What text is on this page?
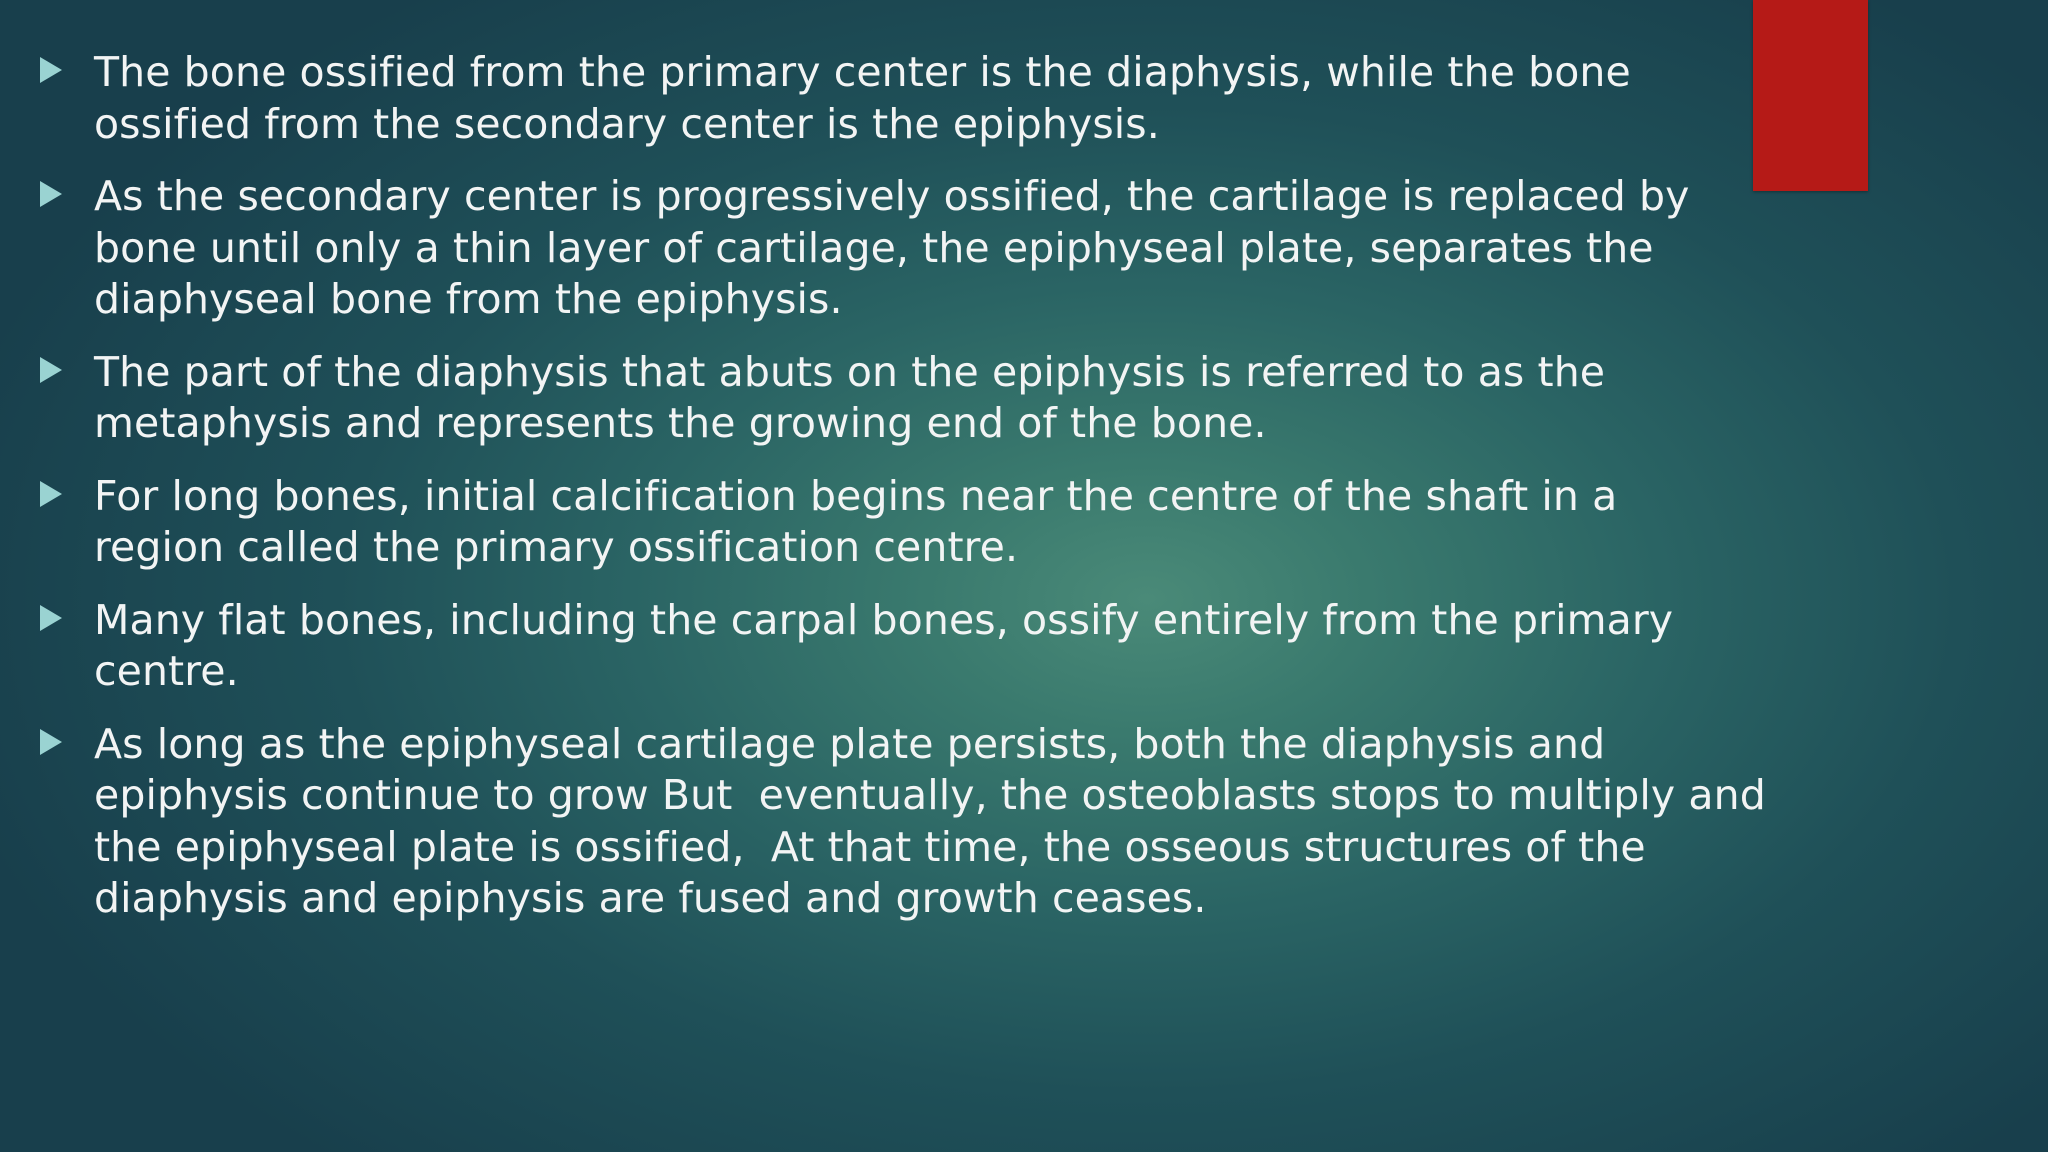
The bone ossified from the primary center is the diaphysis, while the bone
ossified from the secondary center is the epiphysis.
As the secondary center is progressively ossified, the cartilage is replaced by
bone until only a thin layer of cartilage, the epiphyseal plate, separates the
diaphyseal bone from the epiphysis.
The part of the diaphysis that abuts on the epiphysis is referred to as the
metaphysis and represents the growing end of the bone.
For long bones, initial calcification begins near the centre of the shaft in a
region called the primary ossification centre.
Many flat bones, including the carpal bones, ossify entirely from the primary
centre.
As long as the epiphyseal cartilage plate persists, both the diaphysis and
epiphysis continue to grow But  eventually, the osteoblasts stops to multiply and
the epiphyseal plate is ossified,  At that time, the osseous structures of the
diaphysis and epiphysis are fused and growth ceases.
